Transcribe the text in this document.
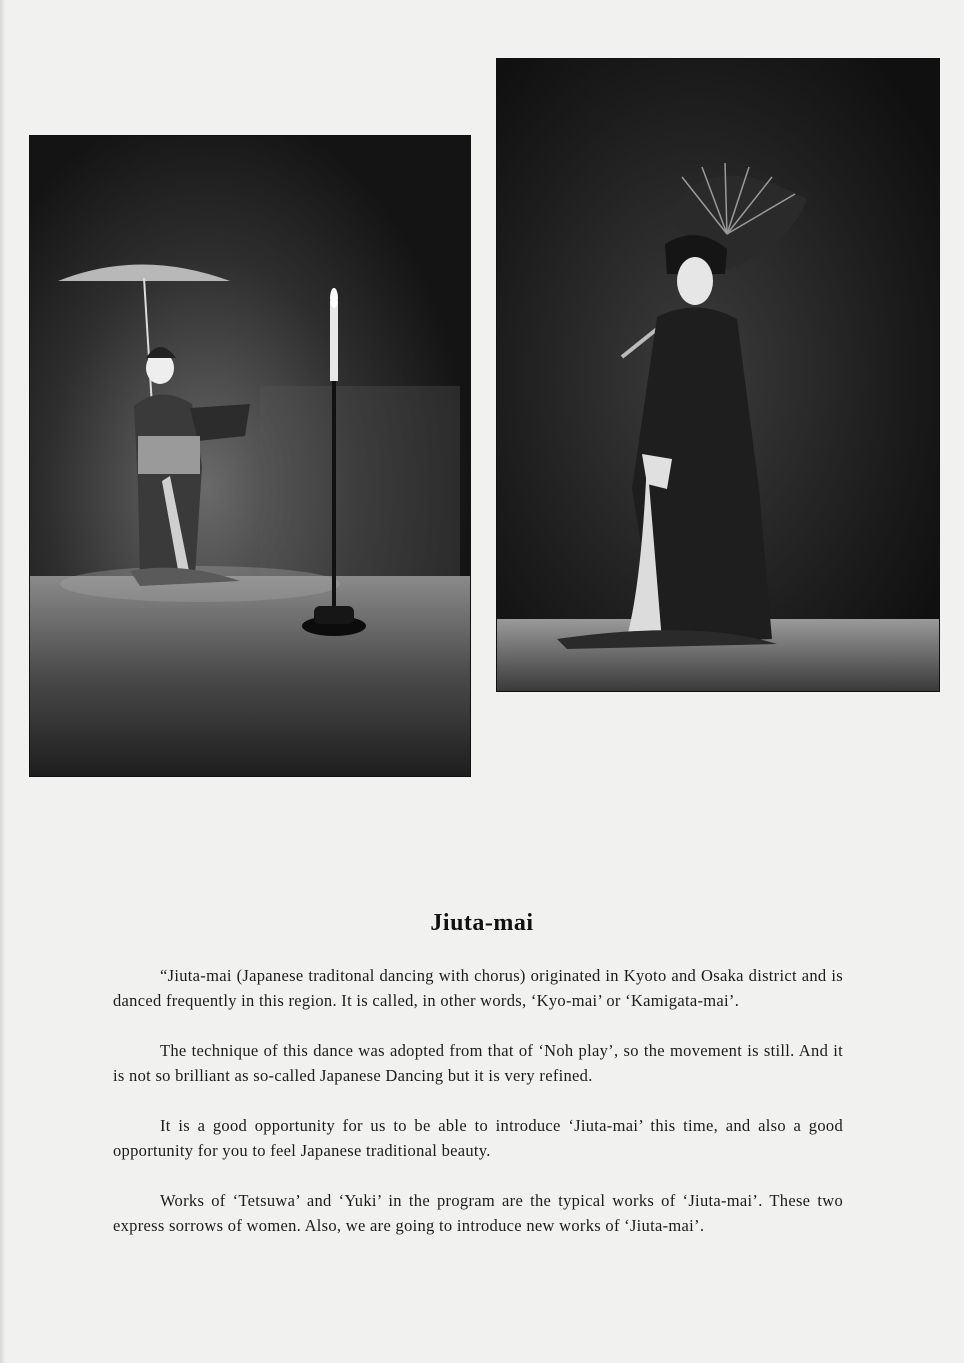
Jiuta-mai

“Jiuta-mai (Japanese traditonal dancing with chorus) originated in Kyoto and Osaka district and is danced frequently in this region. It is called, in other words, ‘Kyo-mai’ or ‘Kamigata-mai’.

The technique of this dance was adopted from that of ‘Noh play’, so the movement is still. And it is not so brilliant as so-called Japanese Dancing but it is very refined.

It is a good opportunity for us to be able to introduce ‘Jiuta-mai’ this time, and also a good opportunity for you to feel Japanese traditional beauty.

Works of ‘Tetsuwa’ and ‘Yuki’ in the program are the typical works of ‘Jiuta-mai’. These two express sorrows of women. Also, we are going to introduce new works of ‘Jiuta-mai’.
